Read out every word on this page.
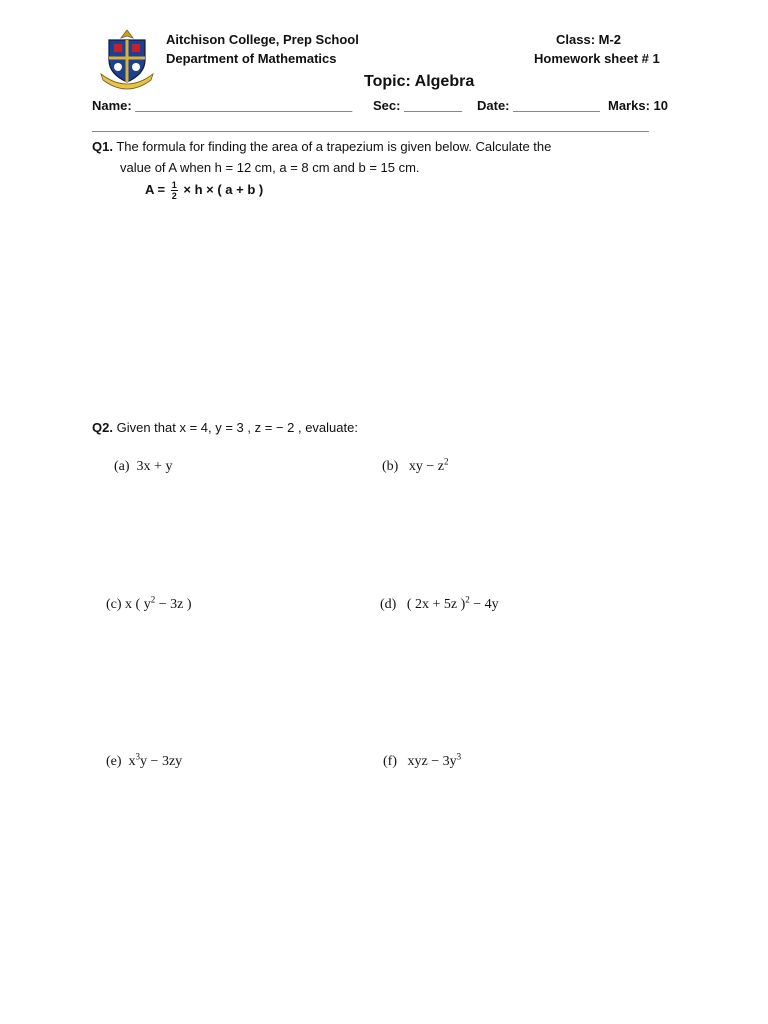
Aitchison College, Prep School
Department of Mathematics
Class: M-2
Homework sheet # 1
Topic: Algebra
Name: ______________________________ Sec: ________ Date: ____________ Marks: 10
_____________________________________________________________________________
Q1. The formula for finding the area of a trapezium is given below. Calculate the
value of A when h = 12 cm, a = 8 cm and b = 15 cm.
$A = \frac{1}{2} \times h$ × ( a + b )
Q2. Given that x = 4, y = 3 , z = − 2 , evaluate:
(a) 3x + y	(b) xy − $z^2$
(c) x ( $y^2 - 3z$ )	(d) ( 2x + 5z )$^2$ − 4y
(e) $x^3y - 3zy$	(f) xyz − $3y^3$
